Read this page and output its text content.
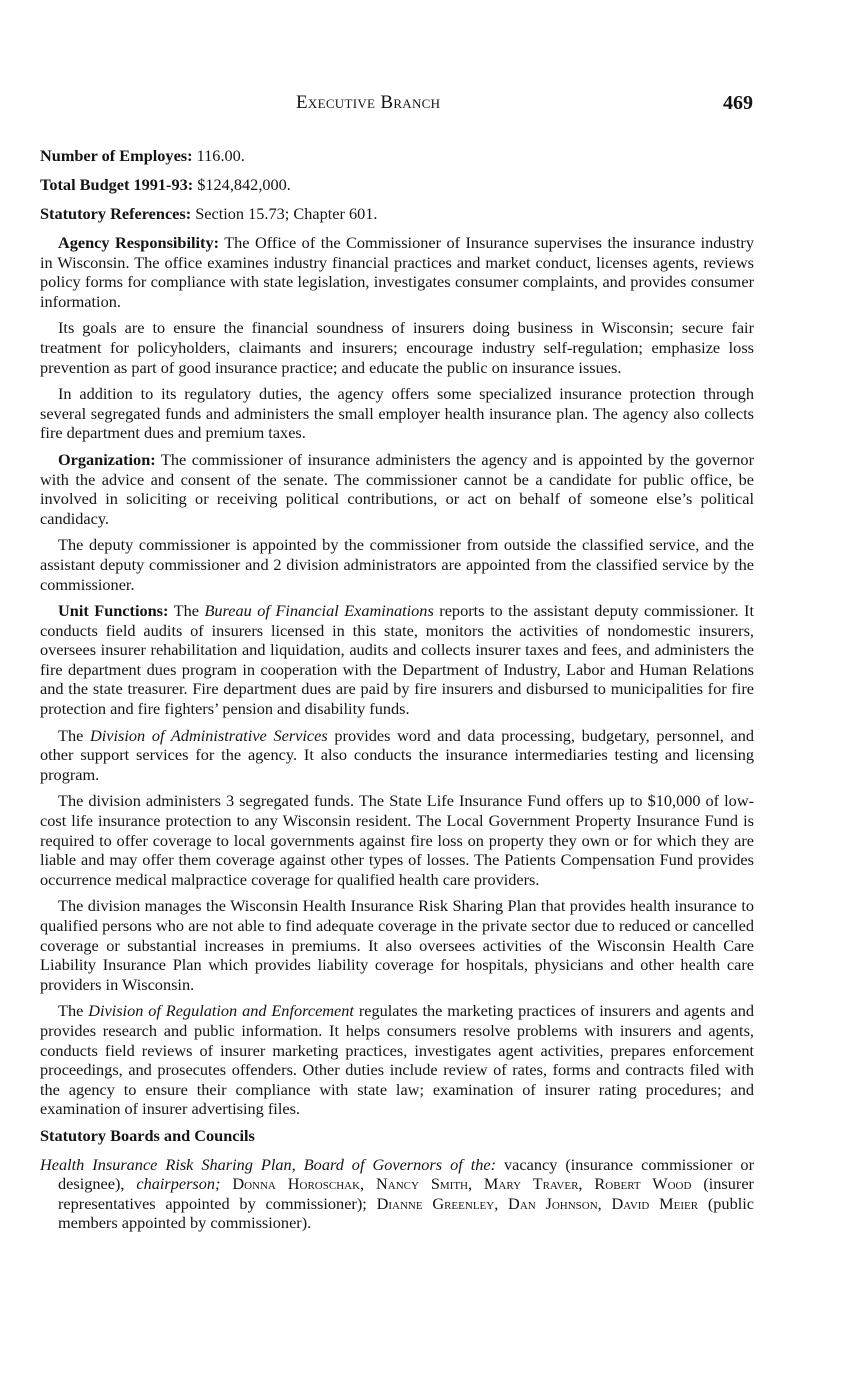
Executive Branch	469
Number of Employes: 116.00.
Total Budget 1991-93: $124,842,000.
Statutory References: Section 15.73; Chapter 601.

Agency Responsibility: The Office of the Commissioner of Insurance supervises the insurance industry in Wisconsin. The office examines industry financial practices and market conduct, licenses agents, reviews policy forms for compliance with state legislation, investigates consumer complaints, and provides consumer information.

Its goals are to ensure the financial soundness of insurers doing business in Wisconsin; secure fair treatment for policyholders, claimants and insurers; encourage industry self-regulation; emphasize loss prevention as part of good insurance practice; and educate the public on insurance issues.

In addition to its regulatory duties, the agency offers some specialized insurance protection through several segregated funds and administers the small employer health insurance plan. The agency also collects fire department dues and premium taxes.

Organization: The commissioner of insurance administers the agency and is appointed by the governor with the advice and consent of the senate. The commissioner cannot be a candidate for public office, be involved in soliciting or receiving political contributions, or act on behalf of someone else’s political candidacy.

The deputy commissioner is appointed by the commissioner from outside the classified service, and the assistant deputy commissioner and 2 division administrators are appointed from the classified service by the commissioner.

Unit Functions: The Bureau of Financial Examinations reports to the assistant deputy commissioner. It conducts field audits of insurers licensed in this state, monitors the activities of nondomestic insurers, oversees insurer rehabilitation and liquidation, audits and collects insurer taxes and fees, and administers the fire department dues program in cooperation with the Department of Industry, Labor and Human Relations and the state treasurer. Fire department dues are paid by fire insurers and disbursed to municipalities for fire protection and fire fighters’ pension and disability funds.

The Division of Administrative Services provides word and data processing, budgetary, personnel, and other support services for the agency. It also conducts the insurance intermediaries testing and licensing program.

The division administers 3 segregated funds. The State Life Insurance Fund offers up to $10,000 of low-cost life insurance protection to any Wisconsin resident. The Local Government Property Insurance Fund is required to offer coverage to local governments against fire loss on property they own or for which they are liable and may offer them coverage against other types of losses. The Patients Compensation Fund provides occurrence medical malpractice coverage for qualified health care providers.

The division manages the Wisconsin Health Insurance Risk Sharing Plan that provides health insurance to qualified persons who are not able to find adequate coverage in the private sector due to reduced or cancelled coverage or substantial increases in premiums. It also oversees activities of the Wisconsin Health Care Liability Insurance Plan which provides liability coverage for hospitals, physicians and other health care providers in Wisconsin.

The Division of Regulation and Enforcement regulates the marketing practices of insurers and agents and provides research and public information. It helps consumers resolve problems with insurers and agents, conducts field reviews of insurer marketing practices, investigates agent activities, prepares enforcement proceedings, and prosecutes offenders. Other duties include review of rates, forms and contracts filed with the agency to ensure their compliance with state law; examination of insurer rating procedures; and examination of insurer advertising files.

Statutory Boards and Councils

Health Insurance Risk Sharing Plan, Board of Governors of the: vacancy (insurance commissioner or designee), chairperson; Donna Horoschak, Nancy Smith, Mary Traver, Robert Wood (insurer representatives appointed by commissioner); Dianne Greenley, Dan Johnson, David Meier (public members appointed by commissioner).
